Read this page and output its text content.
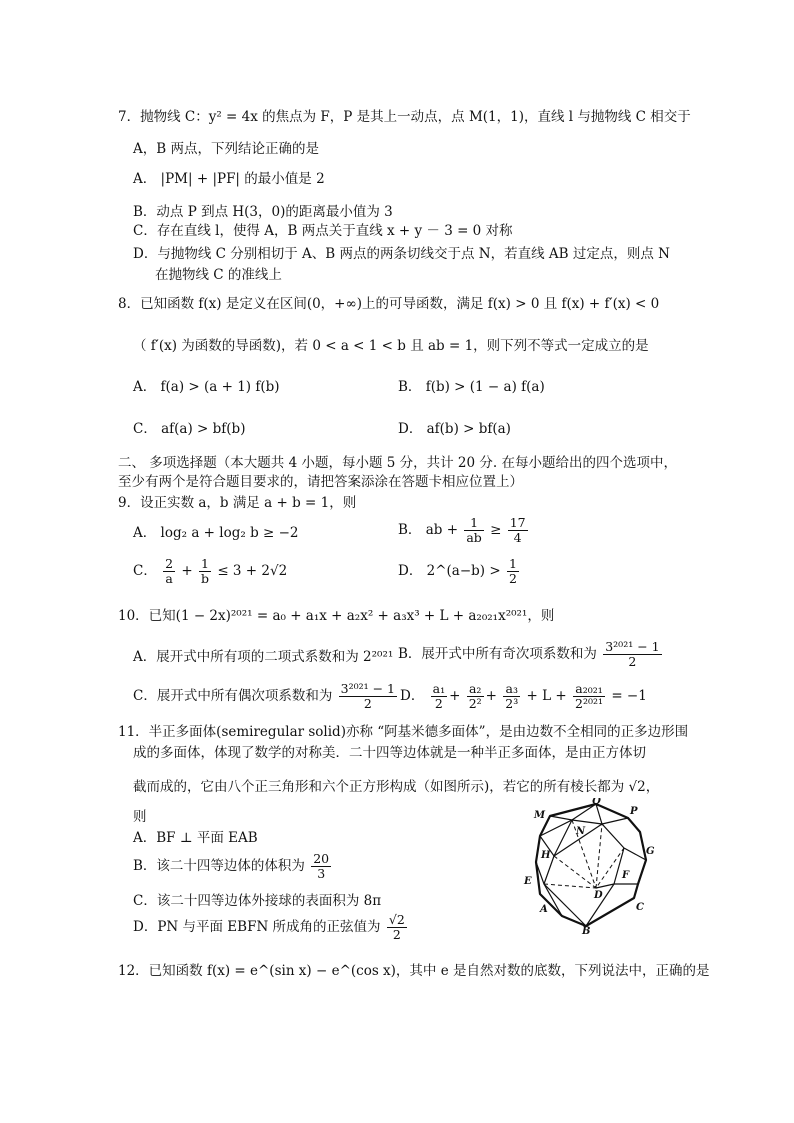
7．抛物线 C：y² = 4x 的焦点为 F，P 是其上一动点，点 M(1，1)，直线 l 与抛物线 C 相交于
A，B 两点，下列结论正确的是
A． |PM| + |PF| 的最小值是 2
B．动点 P 到点 H(3，0)的距离最小值为 3
C．存在直线 l，使得 A，B 两点关于直线 x + y － 3 = 0 对称
D．与抛物线 C 分别相切于 A、B 两点的两条切线交于点 N，若直线 AB 过定点，则点 N
在抛物线 C 的准线上
8．已知函数 f(x) 是定义在区间(0，+∞)上的可导函数，满足 f(x) > 0 且 f(x) + f′(x) < 0
（ f′(x) 为函数的导函数)，若 0 < a < 1 < b 且 ab = 1，则下列不等式一定成立的是
A． f(a) > (a + 1) f(b)	B． f(b) > (1 − a) f(a)
C． af(a) > bf(b)	D． af(b) > bf(a)
二、 多项选择题（本大题共 4 小题，每小题 5 分，共计 20 分. 在每小题给出的四个选项中，
至少有两个是符合题目要求的，请把答案添涂在答题卡相应位置上）
9．设正实数 a，b 满足 a + b = 1，则
A． log₂ a + log₂ b ≥ −2	B． ab + $\frac{1}{ab} \ge \frac{17}{4}$
C． $\frac{2}{a} + \frac{1}{b} \le 3 + 2√2$	D． 2^(a−b) > $\frac{1}{2}$
10．已知(1 − 2x)²⁰²¹ = a₀ + a₁x + a₂x² + a₃x³ + L + a₂₀₂₁x²⁰²¹，则
A．展开式中所有项的二项式系数和为 2²⁰²¹ B．展开式中所有奇次项系数和为 $\frac{\text{3²⁰²¹ − 1}}{2}$
C．展开式中所有偶次项系数和为 $\frac{\text{3²⁰²¹ − 1}}{2}$ D． $\frac{\text{a₁}}{2} + \frac{\text{a₂}}{\text{2²}} + \frac{\text{a₃}}{\text{2³}} + L + \frac{\text{a₂₀₂₁}}{\text{2²⁰²¹}} = -1$
11．半正多面体(semiregular solid)亦称 “阿基米德多面体”，是由边数不全相同的正多边形围
成的多面体，体现了数学的对称美．二十四等边体就是一种半正多面体，是由正方体切
截而成的，它由八个正三角形和六个正方形构成（如图所示)，若它的所有棱长都为 √2，
则
A．BF ⊥ 平面 EAB
B．该二十四等边体的体积为 $\frac{20}{3}$
C．该二十四等边体外接球的表面积为 8π
D．PN 与平面 EBFN 所成角的正弦值为 $\frac{√2}{2}$
M
Q
P
N
H	G
E
F
D
A
B
C
12．已知函数 f(x) = e^(sin x) − e^(cos x)，其中 e 是自然对数的底数，下列说法中，正确的是
